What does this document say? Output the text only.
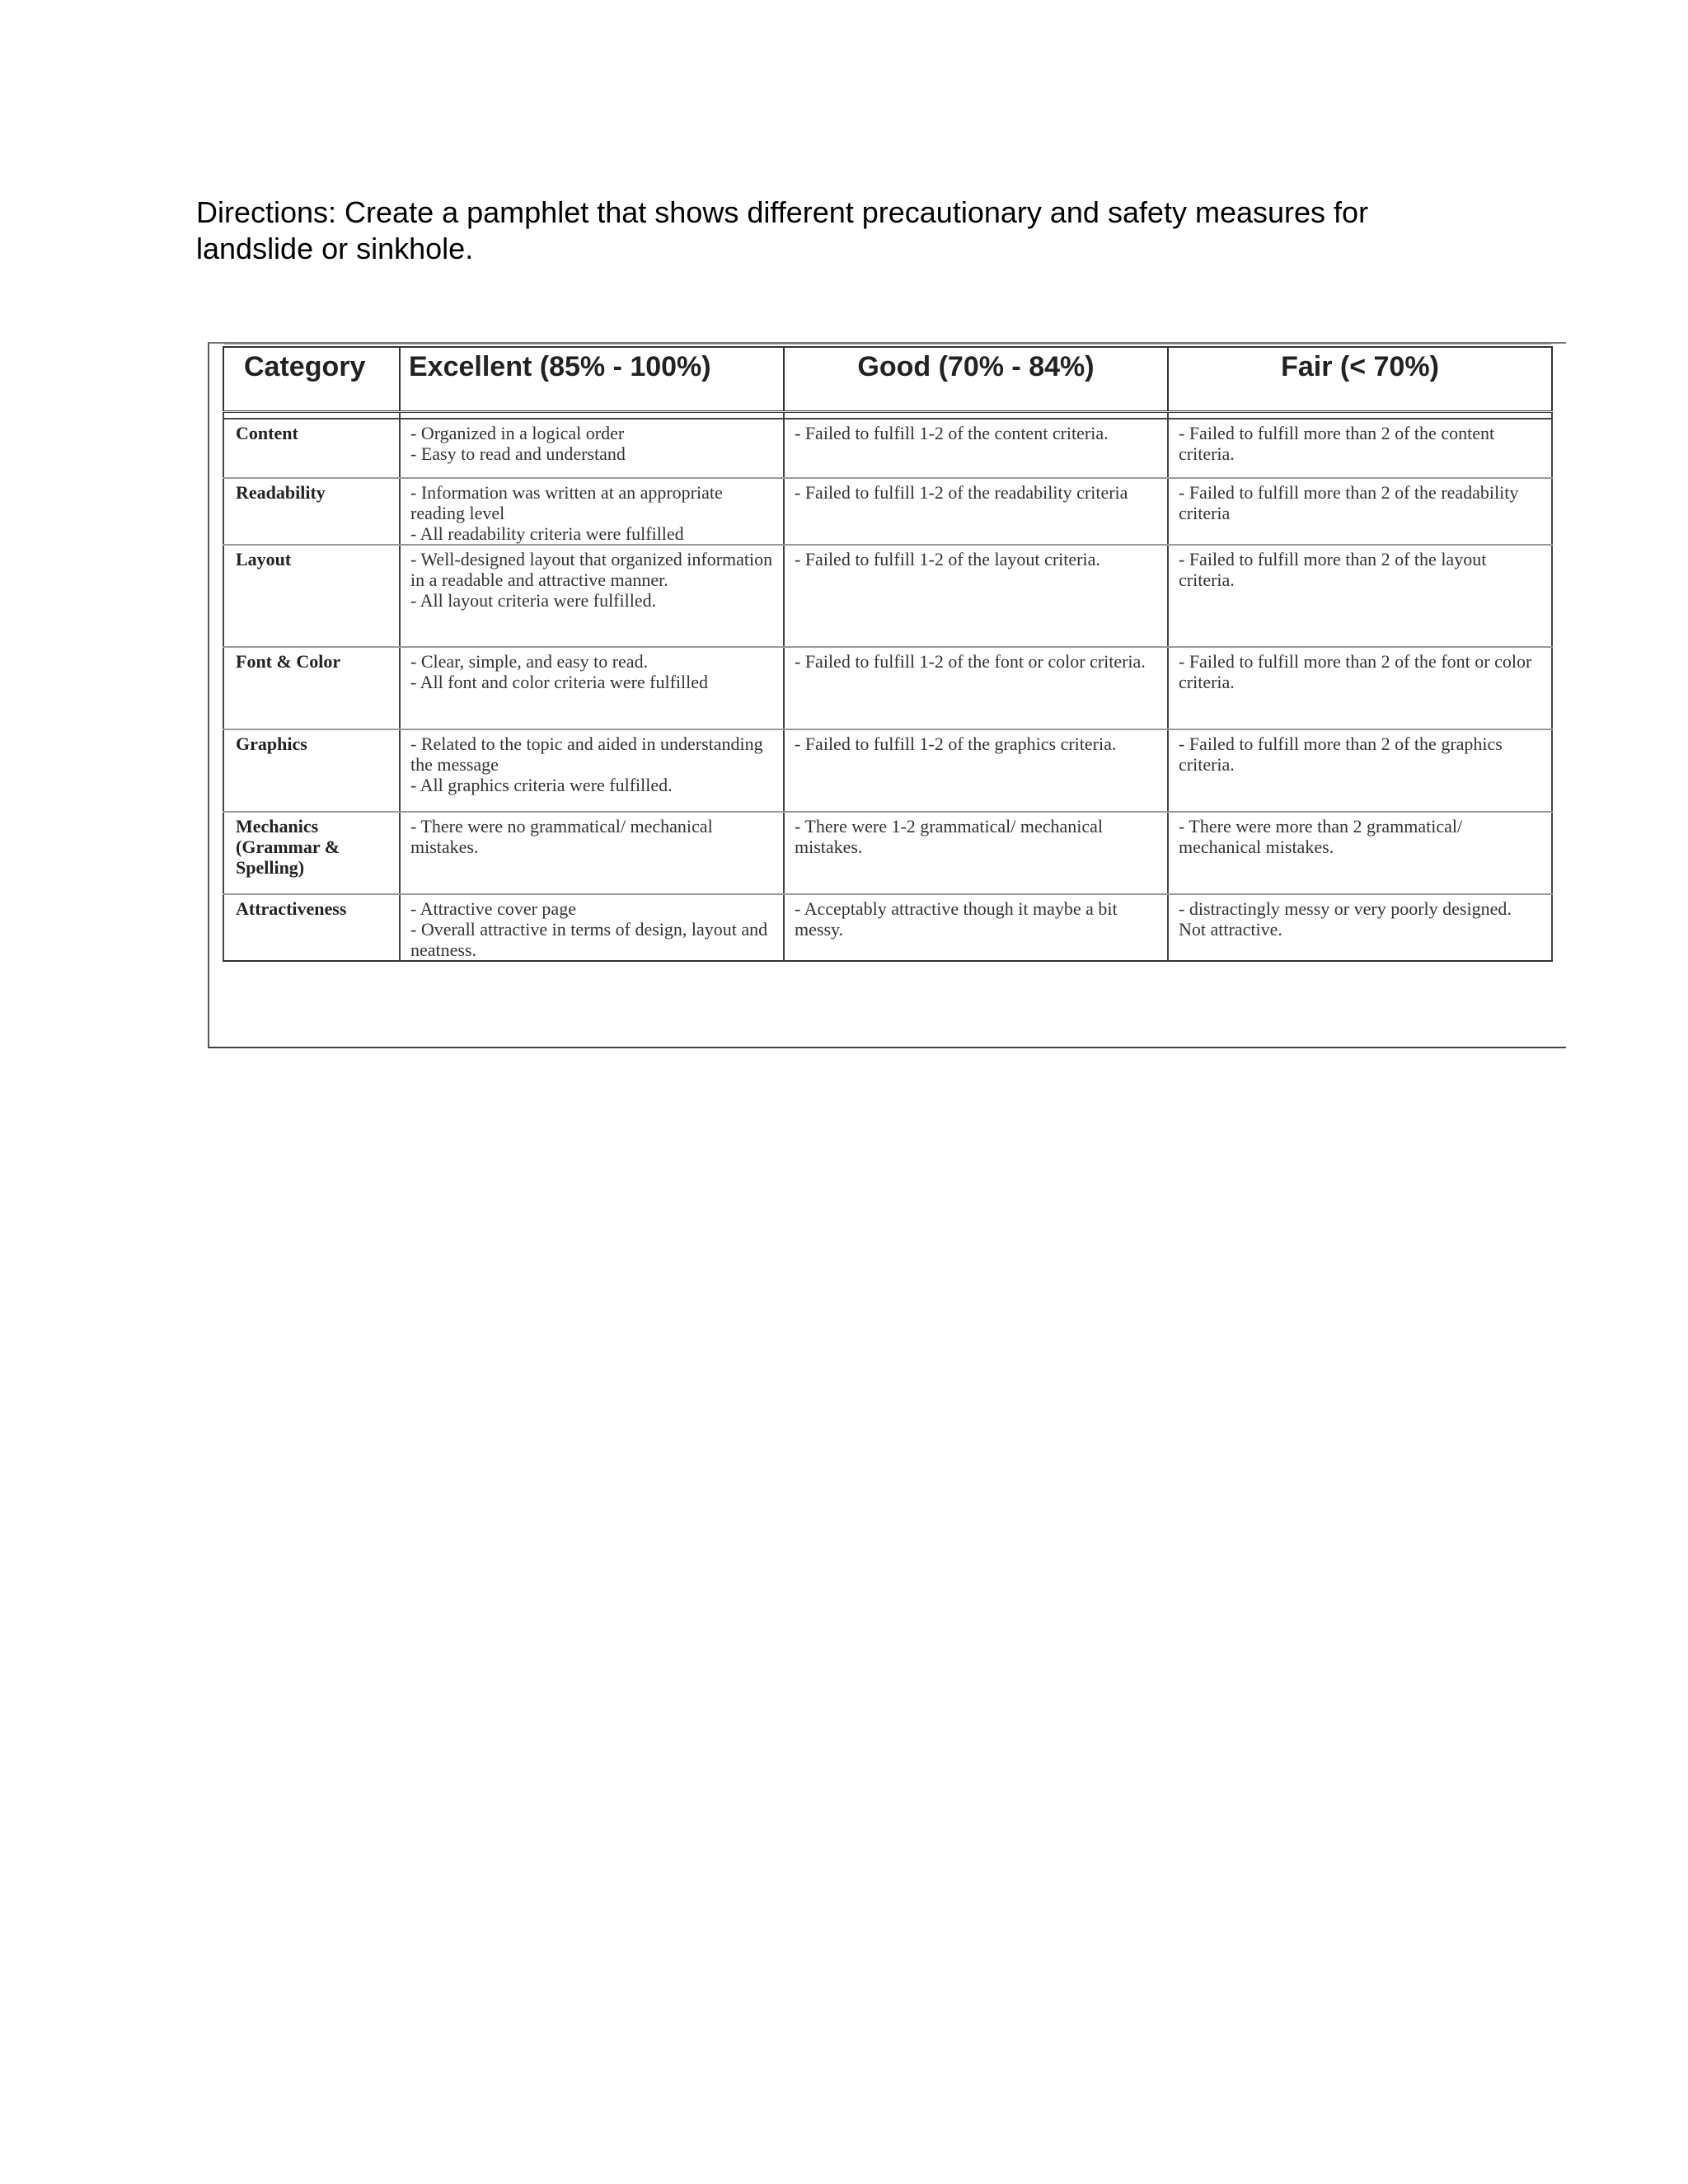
Directions: Create a pamphlet that shows different precautionary and safety measures for landslide or sinkhole.

Category	Excellent (85% - 100%)	Good (70% - 84%)	Fair (< 70%)

Content	- Organized in a logical order
- Easy to read and understand	- Failed to fulfill 1-2 of the content criteria.	- Failed to fulfill more than 2 of the content criteria.

Readability	- Information was written at an appropriate reading level
- All readability criteria were fulfilled	- Failed to fulfill 1-2 of the readability criteria	- Failed to fulfill more than 2 of the readability criteria

Layout	- Well-designed layout that organized information in a readable and attractive manner.
- All layout criteria were fulfilled.	- Failed to fulfill 1-2 of the layout criteria.	- Failed to fulfill more than 2 of the layout criteria.

Font & Color	- Clear, simple, and easy to read.
- All font and color criteria were fulfilled	- Failed to fulfill 1-2 of the font or color criteria.	- Failed to fulfill more than 2 of the font or color criteria.

Graphics	- Related to the topic and aided in understanding the message
- All graphics criteria were fulfilled.	- Failed to fulfill 1-2 of the graphics criteria.	- Failed to fulfill more than 2 of the graphics criteria.

Mechanics (Grammar & Spelling)	- There were no grammatical/ mechanical mistakes.	- There were 1-2 grammatical/ mechanical mistakes.	- There were more than 2 grammatical/ mechanical mistakes.

Attractiveness	- Attractive cover page
- Overall attractive in terms of design, layout and neatness.	- Acceptably attractive though it maybe a bit messy.	- distractingly messy or very poorly designed. Not attractive.
